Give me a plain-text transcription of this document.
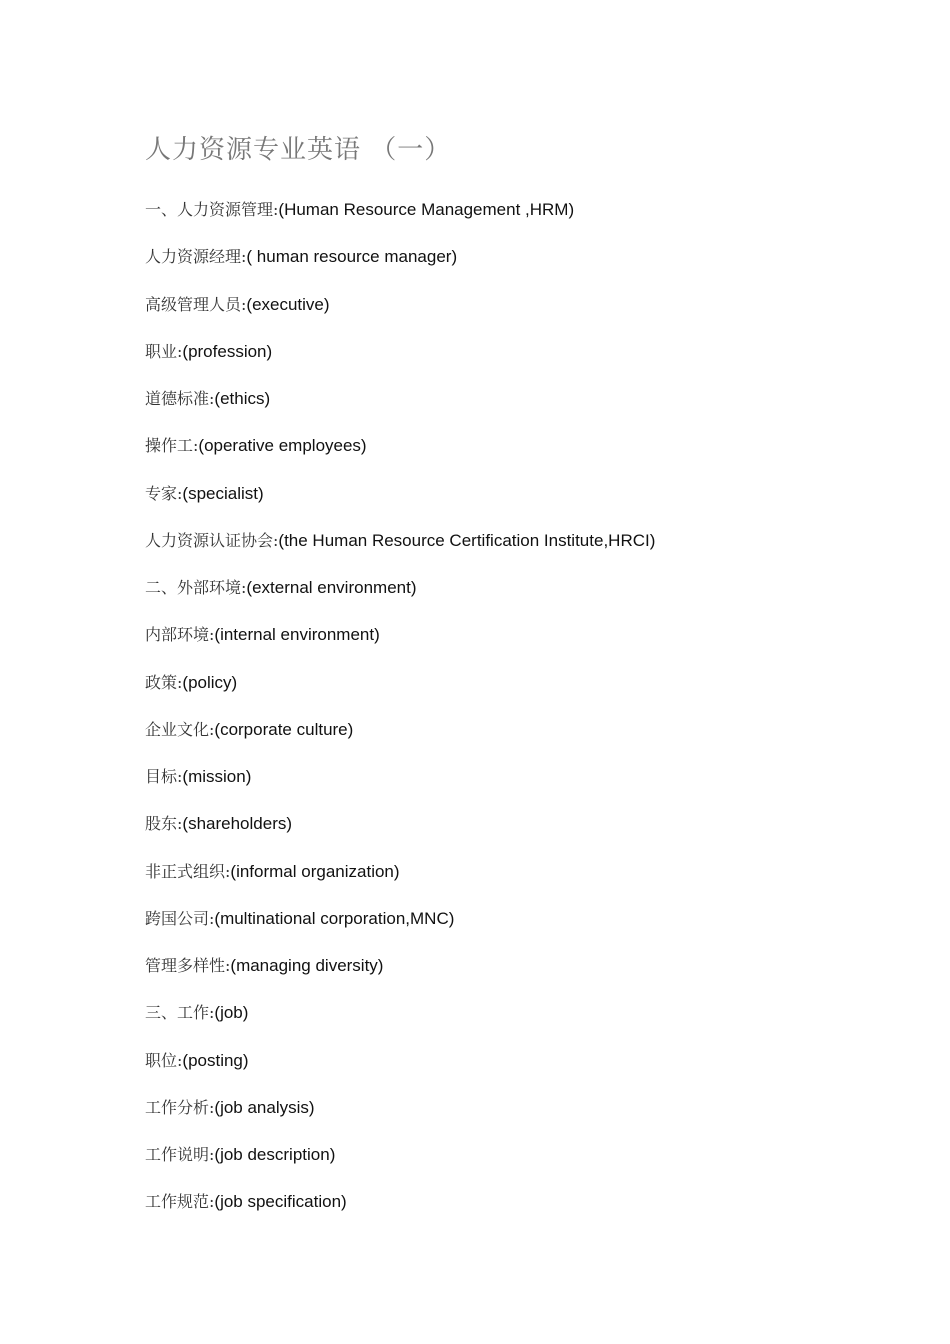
人力资源专业英语 （一）
一、人力资源管理:(Human Resource Management ,HRM)
人力资源经理:( human resource manager)
高级管理人员:(executive)
职业:(profession)
道德标准:(ethics)
操作工:(operative employees)
专家:(specialist)
人力资源认证协会:(the Human Resource Certification Institute,HRCI)
二、外部环境:(external environment)
内部环境:(internal environment)
政策:(policy)
企业文化:(corporate culture)
目标:(mission)
股东:(shareholders)
非正式组织:(informal organization)
跨国公司:(multinational corporation,MNC)
管理多样性:(managing diversity)
三、工作:(job)
职位:(posting)
工作分析:(job analysis)
工作说明:(job description)
工作规范:(job specification)
